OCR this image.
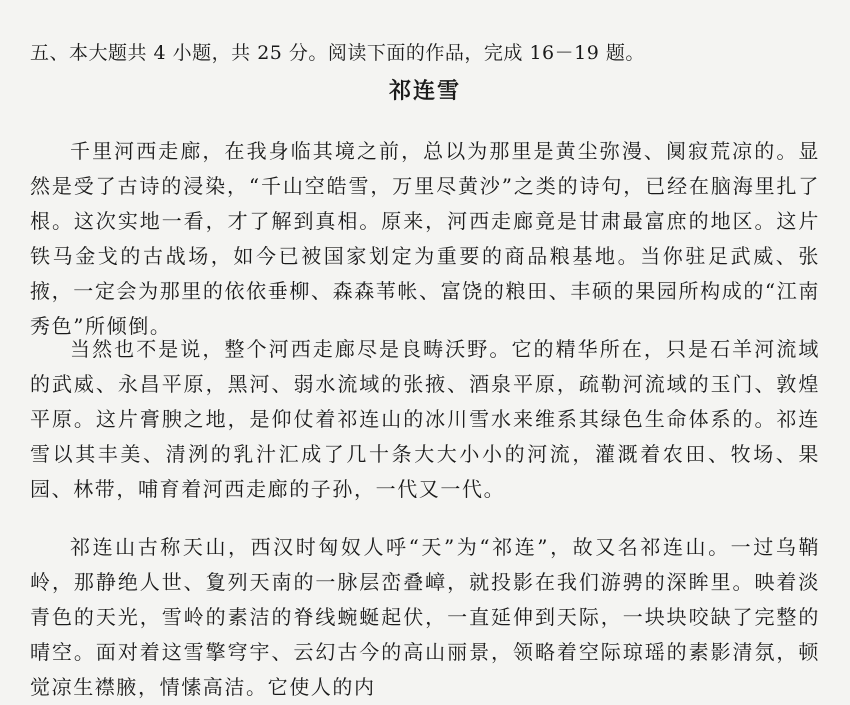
五、本大题共 4 小题，共 25 分。阅读下面的作品，完成 16－19 题。
祁连雪

千里河西走廊，在我身临其境之前，总以为那里是黄尘弥漫、阒寂荒凉的。显然是受了古诗的浸染，“千山空皓雪，万里尽黄沙”之类的诗句，已经在脑海里扎了根。这次实地一看，才了解到真相。原来，河西走廊竟是甘肃最富庶的地区。这片铁马金戈的古战场，如今已被国家划定为重要的商品粮基地。当你驻足武威、张掖，一定会为那里的依依垂柳、森森苇帐、富饶的粮田、丰硕的果园所构成的“江南秀色”所倾倒。

当然也不是说，整个河西走廊尽是良畴沃野。它的精华所在，只是石羊河流域的武威、永昌平原，黑河、弱水流域的张掖、酒泉平原，疏勒河流域的玉门、敦煌平原。这片膏腴之地，是仰仗着祁连山的冰川雪水来维系其绿色生命体系的。祁连雪以其丰美、清洌的乳汁汇成了几十条大大小小的河流，灌溉着农田、牧场、果园、林带，哺育着河西走廊的子孙，一代又一代。

祁连山古称天山，西汉时匈奴人呼“天”为“祁连”，故又名祁连山。一过乌鞘岭，那静绝人世、夐列天南的一脉层峦叠嶂，就投影在我们游骋的深眸里。映着淡青色的天光，雪岭的素洁的脊线蜿蜒起伏，一直延伸到天际，一块块咬缺了完整的晴空。面对着这雪擎穹宇、云幻古今的高山丽景，领略着空际琼瑶的素影清氛，顿觉凉生襟腋，情愫高洁。它使人的内
